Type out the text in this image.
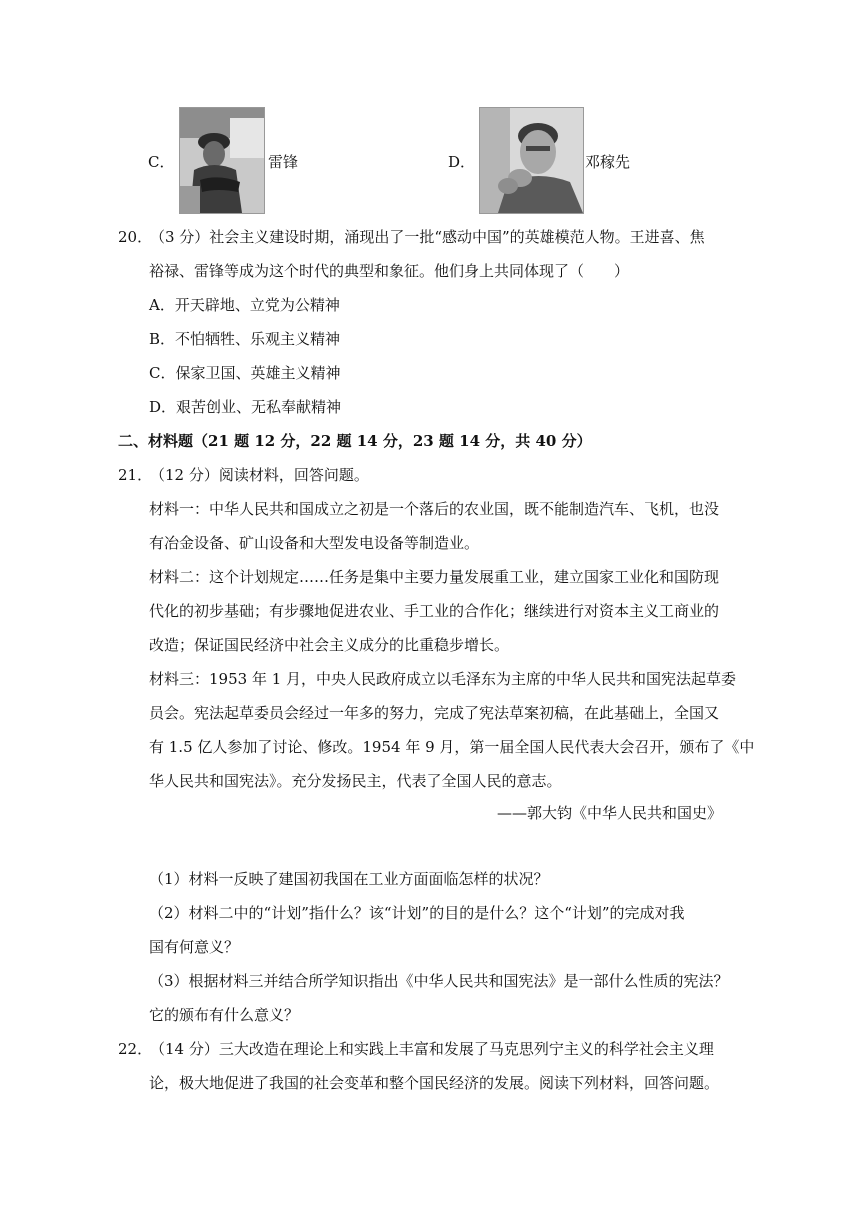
C．	雷锋	D．	邓稼先
20．
（3 分）社会主义建设时期，涌现出了一批“感动中国”的英雄模范人物。王进喜、焦
裕禄、雷锋等成为这个时代的典型和象征。他们身上共同体现了（　　）
A．开天辟地、立党为公精神
B．不怕牺牲、乐观主义精神
C．保家卫国、英雄主义精神
D．艰苦创业、无私奉献精神
二、材料题（21 题 12 分，22 题 14 分，23 题 14 分，共 40 分）
21．
（12 分）阅读材料，回答问题。
材料一：中华人民共和国成立之初是一个落后的农业国，既不能制造汽车、飞机，也没
有冶金设备、矿山设备和大型发电设备等制造业。
材料二：这个计划规定……任务是集中主要力量发展重工业，建立国家工业化和国防现
代化的初步基础；有步骤地促进农业、手工业的合作化；继续进行对资本主义工商业的
改造；保证国民经济中社会主义成分的比重稳步增长。
材料三：1953 年 1 月，中央人民政府成立以毛泽东为主席的中华人民共和国宪法起草委
员会。宪法起草委员会经过一年多的努力，完成了宪法草案初稿，在此基础上，全国又
有 1.5 亿人参加了讨论、修改。1954 年 9 月，第一届全国人民代表大会召开，颁布了《中
华人民共和国宪法》。充分发扬民主，代表了全国人民的意志。
——郭大钧《中华人民共和国史》
（1）材料一反映了建国初我国在工业方面面临怎样的状况？
（2）材料二中的“计划”指什么？该“计划”的目的是什么？这个“计划”的完成对我
国有何意义？
（3）根据材料三并结合所学知识指出《中华人民共和国宪法》是一部什么性质的宪法？
它的颁布有什么意义？
22．
（14 分）三大改造在理论上和实践上丰富和发展了马克思列宁主义的科学社会主义理
论，极大地促进了我国的社会变革和整个国民经济的发展。阅读下列材料，回答问题。
